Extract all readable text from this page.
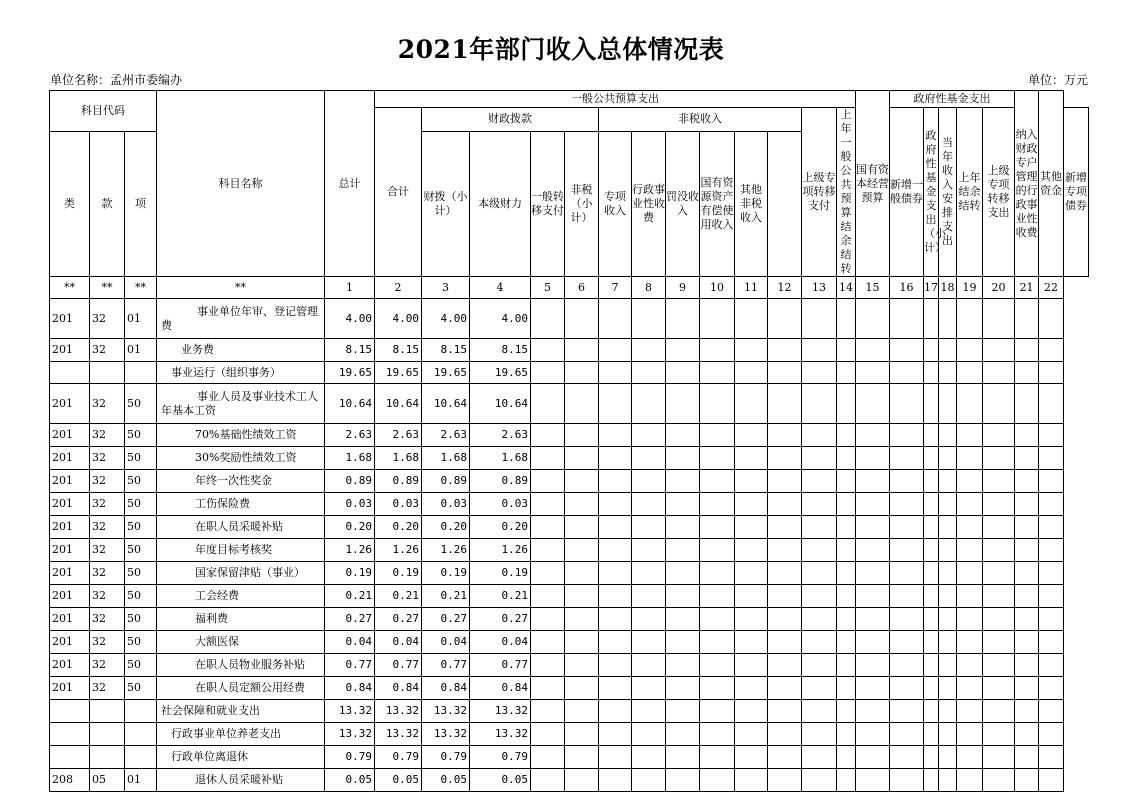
2021年部门收入总体情况表
单位名称：孟州市委编办	单位：万元
科目代码			科目名称	总计	一般公共预算支出													国有资本经营预算	政府性基金支出					纳入财政专户管理的行政事业性收费	其他资金	
					合计	财政拨款				非税收入						上级专项转移支付	上年一般公共预算结余结转		新增一般债券	政府性基金支出（小计）	当年收入安排支出	上年结余结转	上级专项转移支出			新增专项债券
类	款	项				财拨（小计）	本级财力	一般转移支付	非税（小计）	专项收入	行政事业性收费	罚没收入	国有资源资产有偿使用收入	其他非税收入												
**	**	**	**	1	2	3	4	5	6	7	8	9	10	11	12	13	14	15	16	17	18	19	20	21	22	
201	32	01	事业单位年审、登记管理费	4.00	4.00	4.00	4.00																			
201	32	01	业务费	8.15	8.15	8.15	8.15																			
			事业运行（组织事务）	19.65	19.65	19.65	19.65																			
201	32	50	事业人员及事业技术工人年基本工资	10.64	10.64	10.64	10.64																			
201	32	50	70%基础性绩效工资	2.63	2.63	2.63	2.63																			
201	32	50	30%奖励性绩效工资	1.68	1.68	1.68	1.68																			
201	32	50	年终一次性奖金	0.89	0.89	0.89	0.89																			
201	32	50	工伤保险费	0.03	0.03	0.03	0.03																			
201	32	50	在职人员采暖补贴	0.20	0.20	0.20	0.20																			
201	32	50	年度目标考核奖	1.26	1.26	1.26	1.26																			
201	32	50	国家保留津贴（事业）	0.19	0.19	0.19	0.19																			
201	32	50	工会经费	0.21	0.21	0.21	0.21																			
201	32	50	福利费	0.27	0.27	0.27	0.27																			
201	32	50	大额医保	0.04	0.04	0.04	0.04																			
201	32	50	在职人员物业服务补贴	0.77	0.77	0.77	0.77																			
201	32	50	在职人员定额公用经费	0.84	0.84	0.84	0.84																			
			社会保障和就业支出	13.32	13.32	13.32	13.32																			
			行政事业单位养老支出	13.32	13.32	13.32	13.32																			
			行政单位离退休	0.79	0.79	0.79	0.79																			
208	05	01	退休人员采暖补贴	0.05	0.05	0.05	0.05																			
